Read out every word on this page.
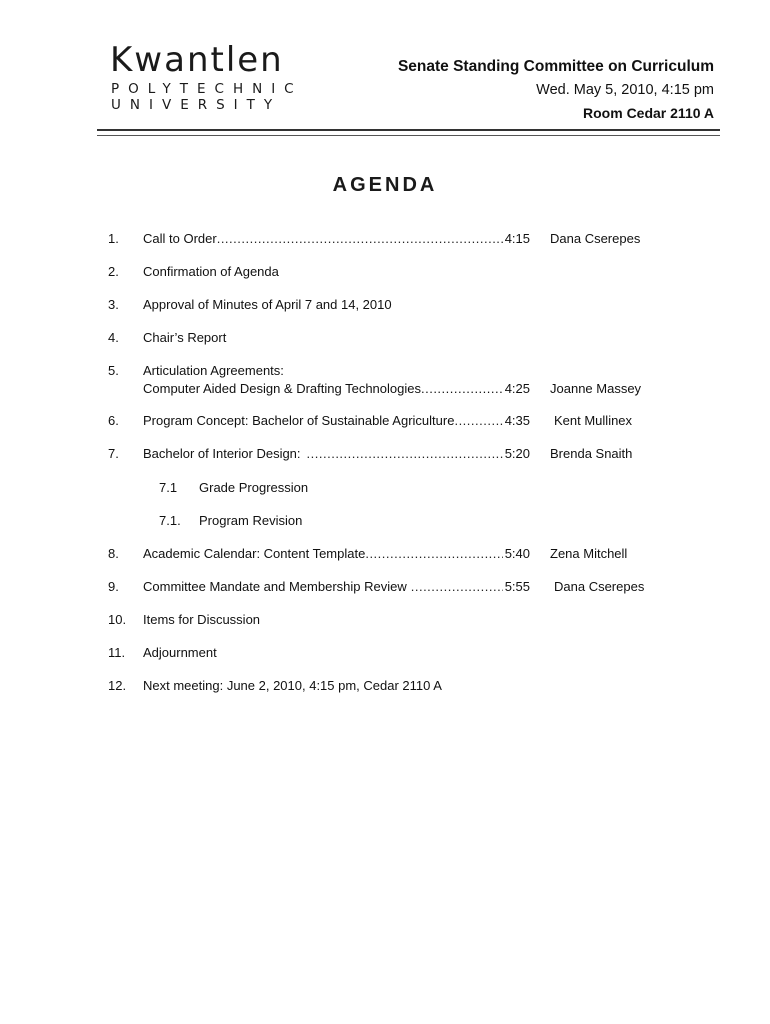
Kwantlen
POLYTECHNIC
UNIVERSITY
Senate Standing Committee on Curriculum
Wed. May 5, 2010, 4:15 pm
Room Cedar 2110 A
AGENDA
1. Call to Order .....	4:15 Dana Cserepes
2. Confirmation of Agenda
3. Approval of Minutes of April 7 and 14, 2010
4. Chair’s Report
5. Articulation Agreements:
Computer Aided Design & Drafting Technologies .....	4:25 Joanne Massey
6. Program Concept: Bachelor of Sustainable Agriculture .....	4:35 Kent Mullinex
7. Bachelor of Interior Design: .....	5:20 Brenda Snaith
7.1 Grade Progression
7.1. Program Revision
8. Academic Calendar: Content Template .....	5:40 Zena Mitchell
9. Committee Mandate and Membership Review .....	5:55 Dana Cserepes
10. Items for Discussion
11. Adjournment
12. Next meeting: June 2, 2010, 4:15 pm, Cedar 2110 A
